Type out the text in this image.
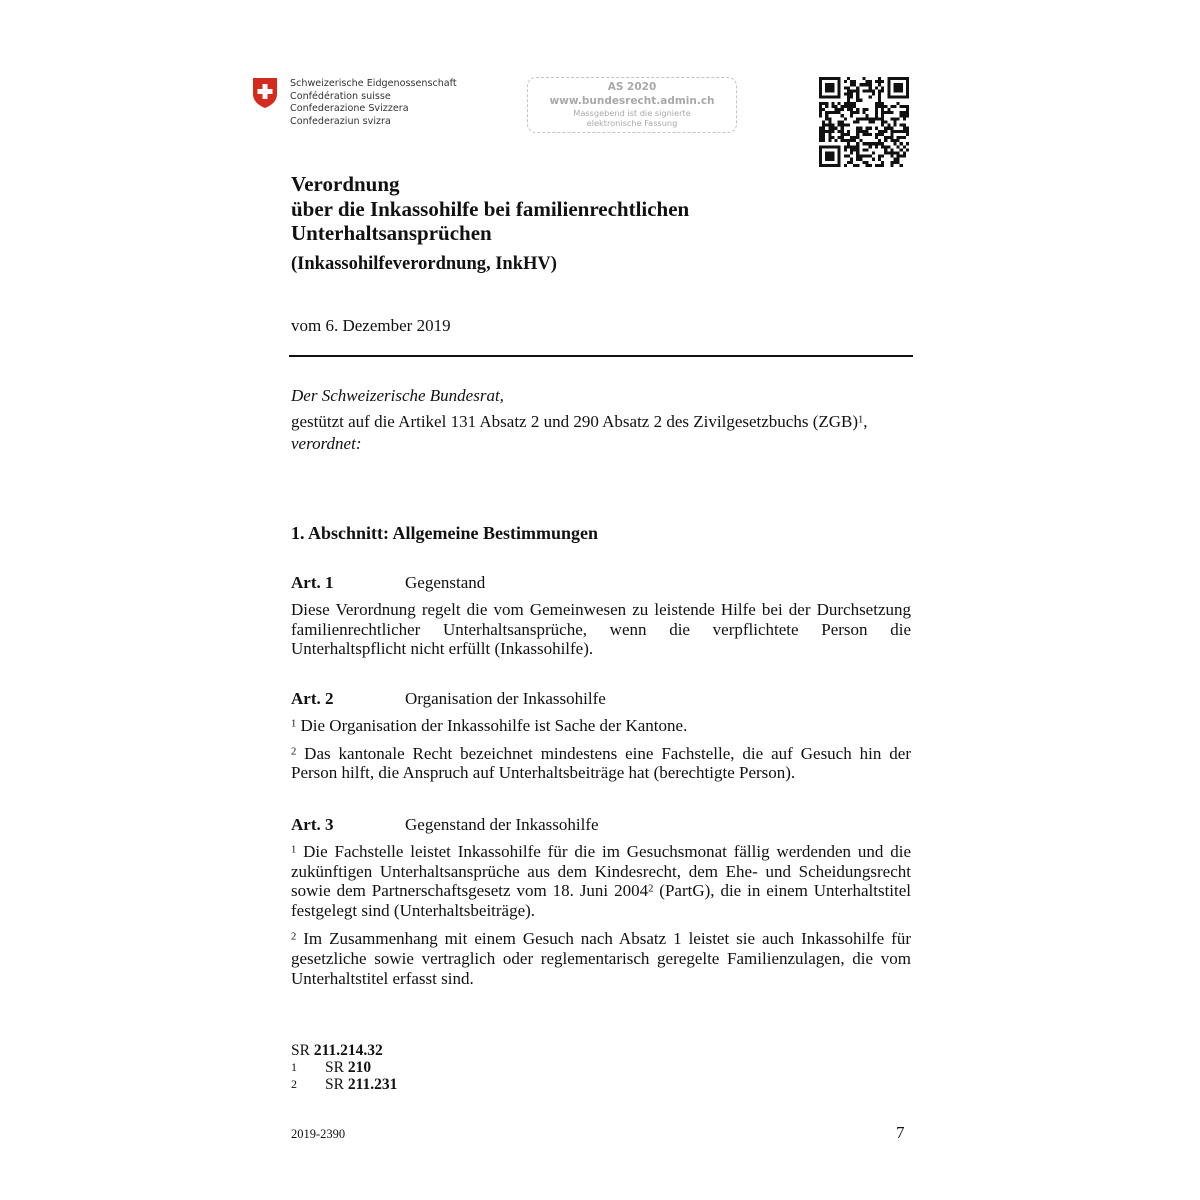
Schweizerische Eidgenossenschaft
Confédération suisse
Confederazione Svizzera
Confederaziun svizra
AS 2020
www.bundesrecht.admin.ch
Massgebend ist die signierte
elektronische Fassung
Verordnung
über die Inkassohilfe bei familienrechtlichen
Unterhaltsansprüchen
(Inkassohilfeverordnung, InkHV)
vom 6. Dezember 2019

Der Schweizerische Bundesrat,

gestützt auf die Artikel 131 Absatz 2 und 290 Absatz 2 des Zivilgesetzbuchs (ZGB)$^1$,

verordnet:

1. Abschnitt: Allgemeine Bestimmungen
Art. 1	Gegenstand

Diese Verordnung regelt die vom Gemeinwesen zu leistende Hilfe bei der Durchsetzung familienrechtlicher Unterhaltsansprüche, wenn die verpflichtete Person die Unterhaltspflicht nicht erfüllt (Inkassohilfe).

Art. 2	Organisation der Inkassohilfe

$^1$ Die Organisation der Inkassohilfe ist Sache der Kantone.

$^2$ Das kantonale Recht bezeichnet mindestens eine Fachstelle, die auf Gesuch hin der Person hilft, die Anspruch auf Unterhaltsbeiträge hat (berechtigte Person).

Art. 3	Gegenstand der Inkassohilfe

$^1$ Die Fachstelle leistet Inkassohilfe für die im Gesuchsmonat fällig werdenden und die zukünftigen Unterhaltsansprüche aus dem Kindesrecht, dem Ehe- und Scheidungsrecht sowie dem Partnerschaftsgesetz vom 18. Juni 2004$^2$ (PartG), die in einem Unterhaltstitel festgelegt sind (Unterhaltsbeiträge).

$^2$ Im Zusammenhang mit einem Gesuch nach Absatz 1 leistet sie auch Inkassohilfe für gesetzliche sowie vertraglich oder reglementarisch geregelte Familienzulagen, die vom Unterhaltstitel erfasst sind.

SR 211.214.32
1	SR 210
2	SR 211.231
2019-2390	7
